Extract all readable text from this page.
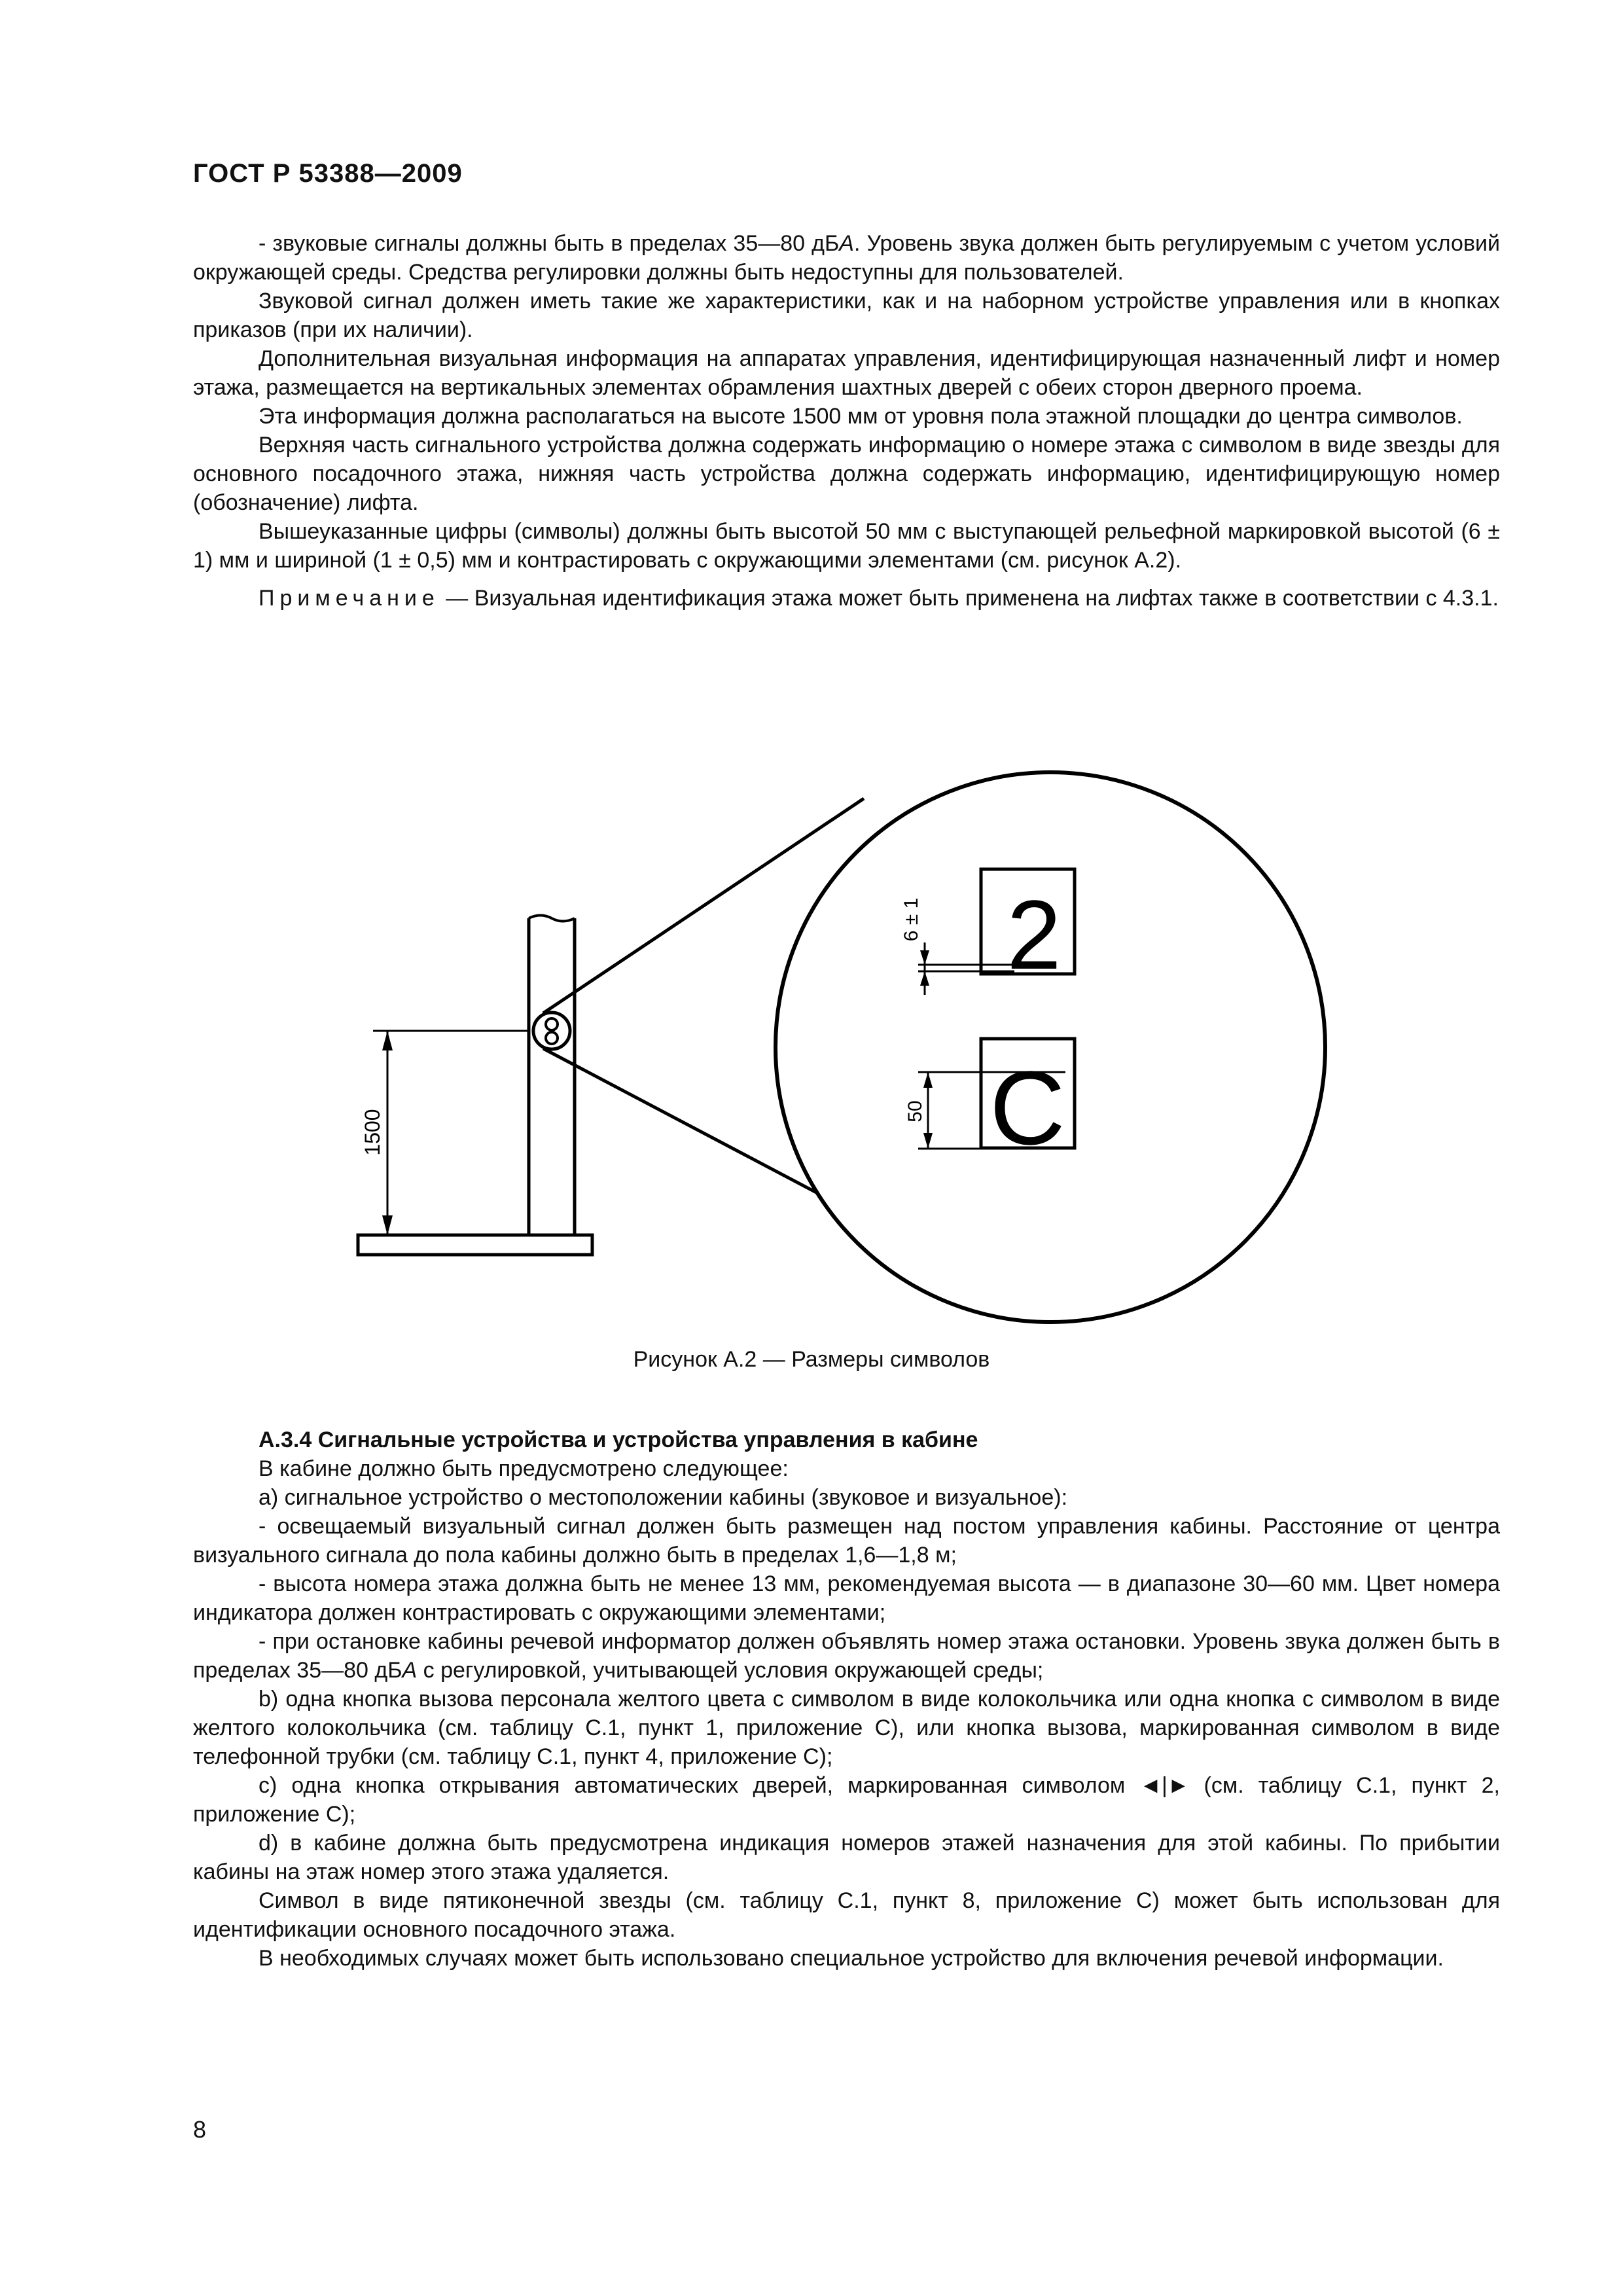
ГОСТ Р 53388—2009

- звуковые сигналы должны быть в пределах 35—80 дБА. Уровень звука должен быть регулируемым с учетом условий окружающей среды. Средства регулировки должны быть недоступны для пользователей.

Звуковой сигнал должен иметь такие же характеристики, как и на наборном устройстве управления или в кнопках приказов (при их наличии).

Дополнительная визуальная информация на аппаратах управления, идентифицирующая назначенный лифт и номер этажа, размещается на вертикальных элементах обрамления шахтных дверей с обеих сторон дверного проема.

Эта информация должна располагаться на высоте 1500 мм от уровня пола этажной площадки до центра символов.

Верхняя часть сигнального устройства должна содержать информацию о номере этажа с символом в виде звезды для основного посадочного этажа, нижняя часть устройства должна содержать информацию, идентифицирующую номер (обозначение) лифта.

Вышеуказанные цифры (символы) должны быть высотой 50 мм с выступающей рельефной маркировкой высотой (6 ± 1) мм и шириной (1 ± 0,5) мм и контрастировать с окружающими элементами (см. рисунок А.2).

Примечание — Визуальная идентификация этажа может быть применена на лифтах также в соответствии с 4.3.1.

1500
2
6 ± 1
C
50
Рисунок А.2 — Размеры символов

А.3.4 Сигнальные устройства и устройства управления в кабине

В кабине должно быть предусмотрено следующее:

а) сигнальное устройство о местоположении кабины (звуковое и визуальное):

- освещаемый визуальный сигнал должен быть размещен над постом управления кабины. Расстояние от центра визуального сигнала до пола кабины должно быть в пределах 1,6—1,8 м;

- высота номера этажа должна быть не менее 13 мм, рекомендуемая высота — в диапазоне 30—60 мм. Цвет номера индикатора должен контрастировать с окружающими элементами;

- при остановке кабины речевой информатор должен объявлять номер этажа остановки. Уровень звука должен быть в пределах 35—80 дБА с регулировкой, учитывающей условия окружающей среды;

b) одна кнопка вызова персонала желтого цвета с символом в виде колокольчика или одна кнопка с символом в виде желтого колокольчика (см. таблицу С.1, пункт 1, приложение С), или кнопка вызова, маркированная символом в виде телефонной трубки (см. таблицу С.1, пункт 4, приложение С);

с) одна кнопка открывания автоматических дверей, маркированная символом ◄|► (см. таблицу С.1, пункт 2, приложение С);

d) в кабине должна быть предусмотрена индикация номеров этажей назначения для этой кабины. По прибытии кабины на этаж номер этого этажа удаляется.

Символ в виде пятиконечной звезды (см. таблицу С.1, пункт 8, приложение С) может быть использован для идентификации основного посадочного этажа.

В необходимых случаях может быть использовано специальное устройство для включения речевой информации.

8
